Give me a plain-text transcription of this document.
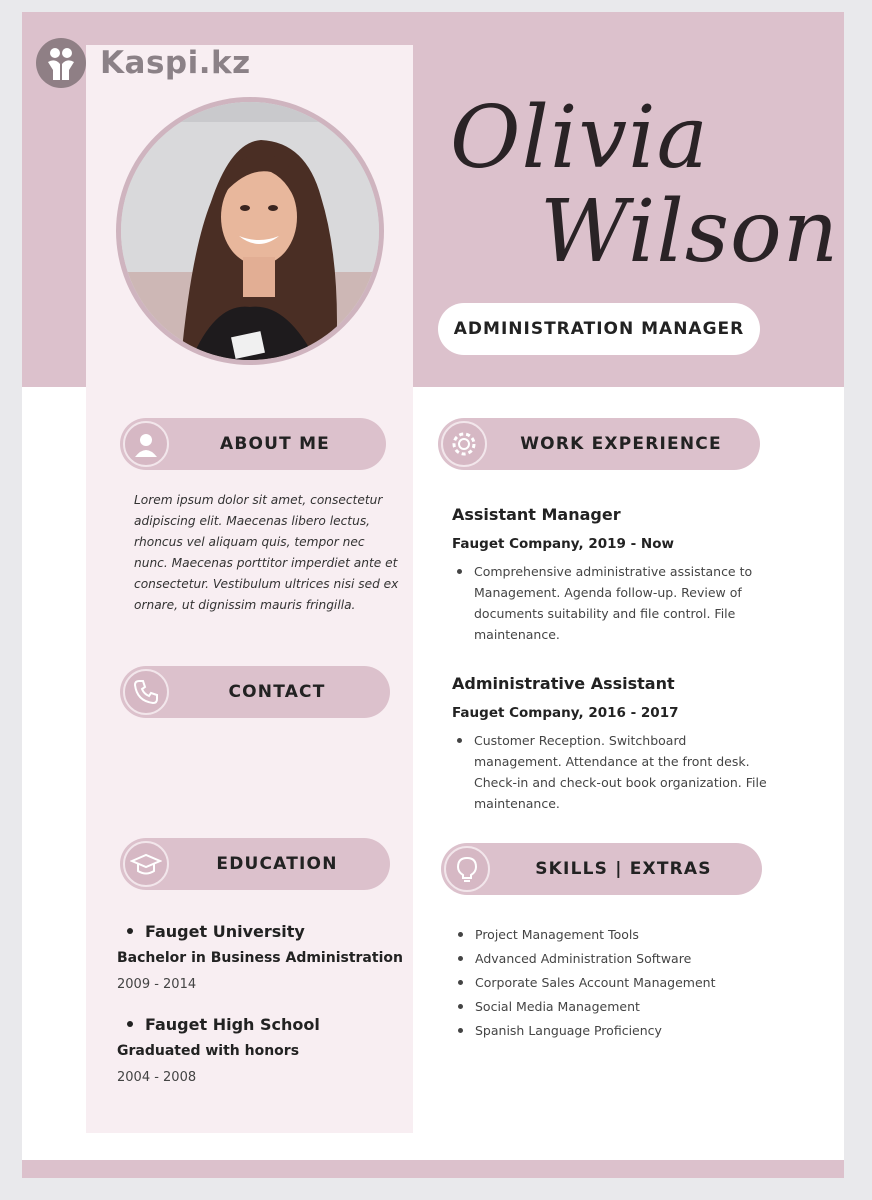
Kaspi.kz
Olivia
Wilson
ADMINISTRATION MANAGER
ABOUT ME
Lorem ipsum dolor sit amet, consectetur adipiscing elit. Maecenas libero lectus, rhoncus vel aliquam quis, tempor nec nunc. Maecenas porttitor imperdiet ante et consectetur. Vestibulum ultrices nisi sed ex ornare, ut dignissim mauris fringilla.
CONTACT
EDUCATION
Fauget University
Bachelor in Business Administration
2009 - 2014
Fauget High School
Graduated with honors
2004 - 2008
WORK EXPERIENCE
Assistant Manager
Fauget Company, 2019 - Now
Comprehensive administrative assistance to Management. Agenda follow-up. Review of documents suitability and file control. File maintenance.
Administrative Assistant
Fauget Company, 2016 - 2017
Customer Reception. Switchboard management. Attendance at the front desk. Check-in and check-out book organization. File maintenance.
SKILLS | EXTRAS
Project Management Tools
Advanced Administration Software
Corporate Sales Account Management
Social Media Management
Spanish Language Proficiency
